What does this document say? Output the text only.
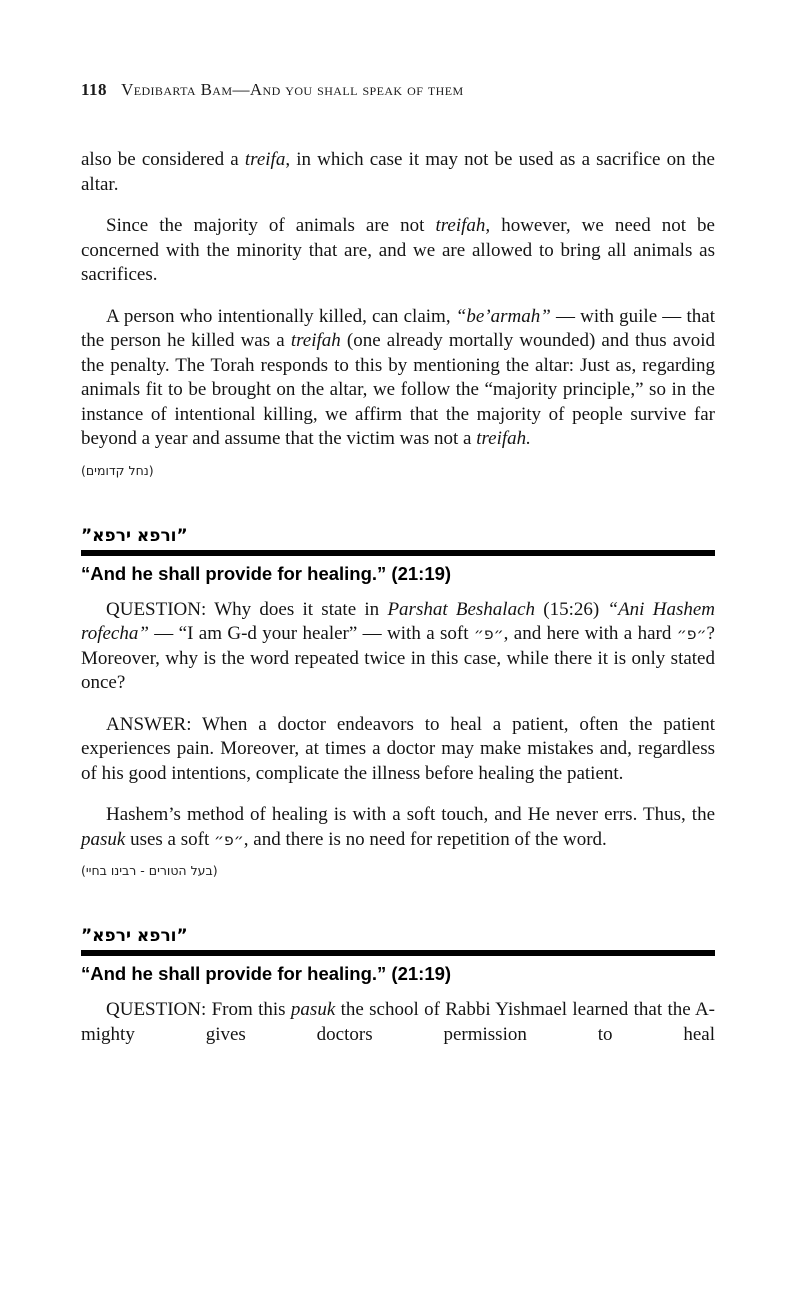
118 Vedibarta Bam—And you shall speak of them

also be considered a treifa, in which case it may not be used as a sacrifice on the altar.

Since the majority of animals are not treifah, however, we need not be concerned with the minority that are, and we are allowed to bring all animals as sacrifices.

A person who intentionally killed, can claim, “be’armah” — with guile — that the person he killed was a treifah (one already mortally wounded) and thus avoid the penalty. The Torah responds to this by mentioning the altar: Just as, regarding animals fit to be brought on the altar, we follow the “majority principle,” so in the instance of intentional killing, we affirm that the majority of people survive far beyond a year and assume that the victim was not a treifah.

(נחל קדומים)
”ורפא ירפא”
“And he shall provide for healing.” (21:19)

QUESTION: Why does it state in Parshat Beshalach (15:26) “Ani Hashem rofecha” — “I am G-d your healer” — with a soft ״פ״, and here with a hard ״פ״? Moreover, why is the word repeated twice in this case, while there it is only stated once?

ANSWER: When a doctor endeavors to heal a patient, often the patient experiences pain. Moreover, at times a doctor may make mistakes and, regardless of his good intentions, complicate the illness before healing the patient.

Hashem’s method of healing is with a soft touch, and He never errs. Thus, the pasuk uses a soft ״פ״, and there is no need for repetition of the word.

(בעל הטורים - רבינו בחיי)
”ורפא ירפא”
“And he shall provide for healing.” (21:19)

QUESTION: From this pasuk the school of Rabbi Yishmael learned that the A-mighty gives doctors permission to heal
